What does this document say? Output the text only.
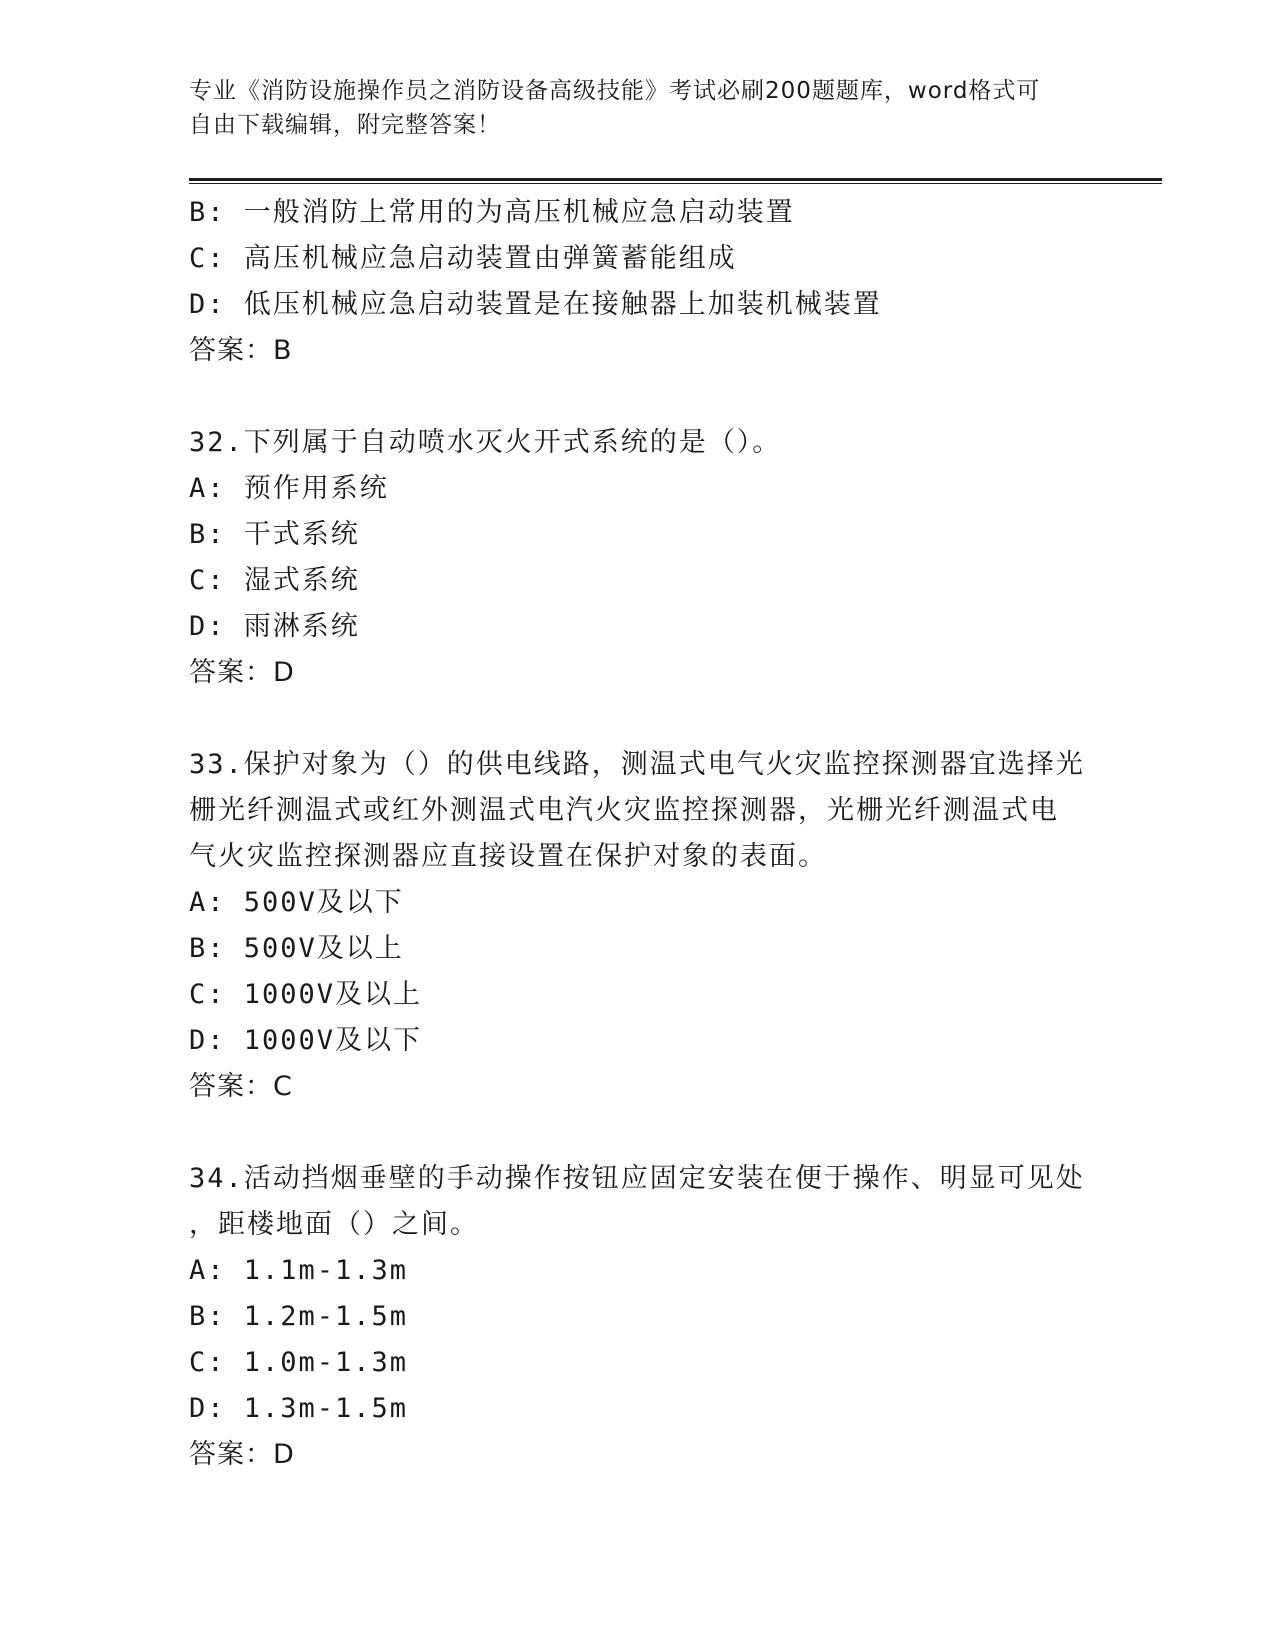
专业《消防设施操作员之消防设备高级技能》考试必刷200题题库，word格式可
自由下载编辑，附完整答案！
B: 一般消防上常用的为高压机械应急启动装置
C: 高压机械应急启动装置由弹簧蓄能组成
D: 低压机械应急启动装置是在接触器上加装机械装置
答案：B
32.下列属于自动喷水灭火开式系统的是（）。
A: 预作用系统
B: 干式系统
C: 湿式系统
D: 雨淋系统
答案：D
33.保护对象为（）的供电线路，测温式电气火灾监控探测器宜选择光
栅光纤测温式或红外测温式电汽火灾监控探测器，光栅光纤测温式电
气火灾监控探测器应直接设置在保护对象的表面。
A: 500V及以下
B: 500V及以上
C: 1000V及以上
D: 1000V及以下
答案：C
34.活动挡烟垂壁的手动操作按钮应固定安装在便于操作、明显可见处
，距楼地面（）之间。
A: 1.1m-1.3m
B: 1.2m-1.5m
C: 1.0m-1.3m
D: 1.3m-1.5m
答案：D
